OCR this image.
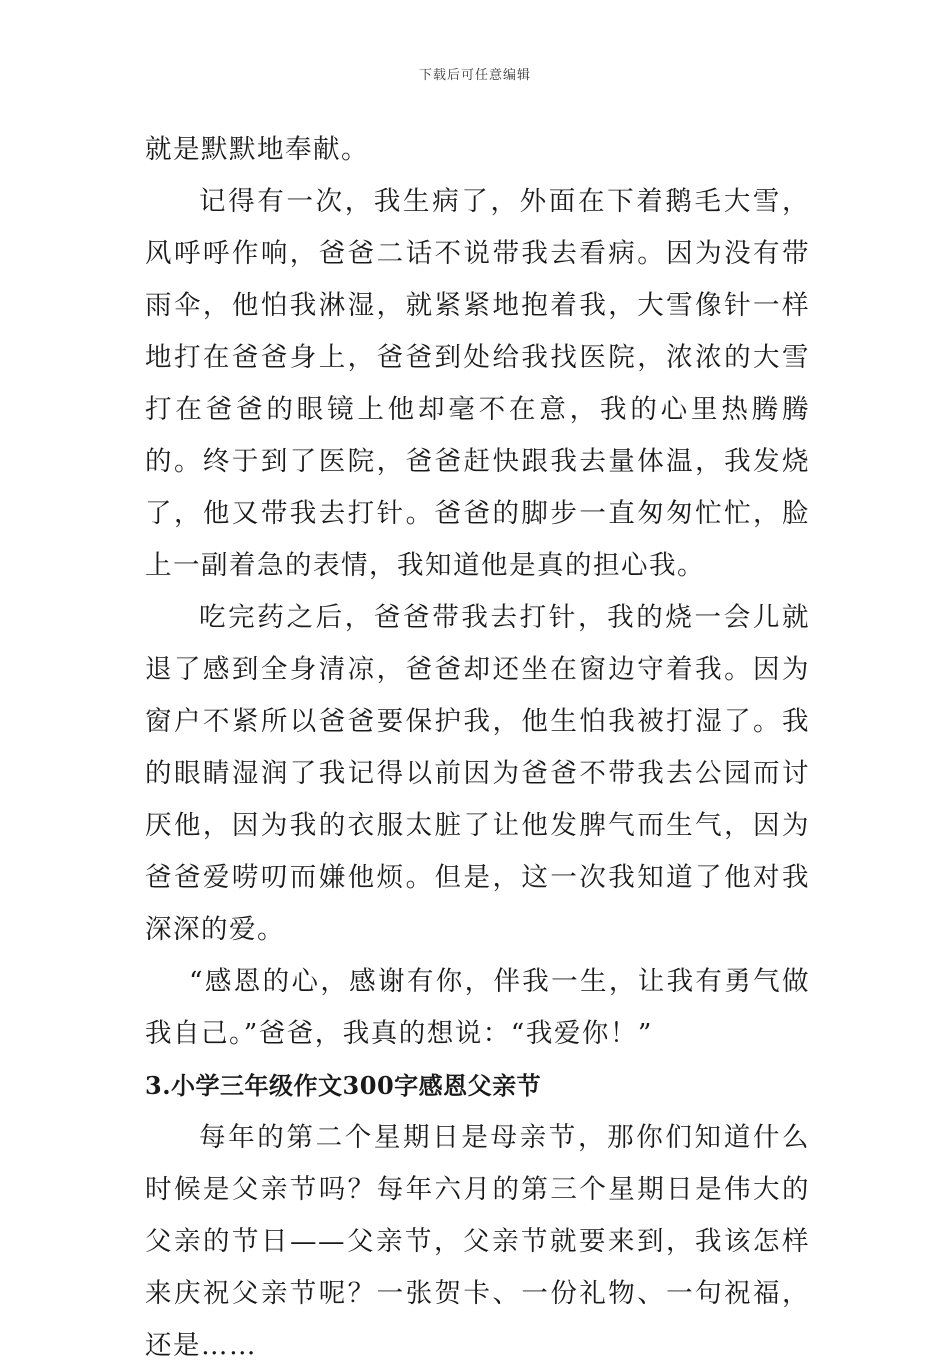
下载后可任意编辑

就是默默地奉献。

记得有一次，我生病了，外面在下着鹅毛大雪，风呼呼作响，爸爸二话不说带我去看病。因为没有带雨伞，他怕我淋湿，就紧紧地抱着我，大雪像针一样地打在爸爸身上，爸爸到处给我找医院，浓浓的大雪打在爸爸的眼镜上他却毫不在意，我的心里热腾腾的。终于到了医院，爸爸赶快跟我去量体温，我发烧了，他又带我去打针。爸爸的脚步一直匆匆忙忙，脸上一副着急的表情，我知道他是真的担心我。

吃完药之后，爸爸带我去打针，我的烧一会儿就退了感到全身清凉，爸爸却还坐在窗边守着我。因为窗户不紧所以爸爸要保护我，他生怕我被打湿了。我的眼睛湿润了我记得以前因为爸爸不带我去公园而讨厌他，因为我的衣服太脏了让他发脾气而生气，因为爸爸爱唠叨而嫌他烦。但是，这一次我知道了他对我深深的爱。

“感恩的心，感谢有你，伴我一生，让我有勇气做我自己。”爸爸，我真的想说：“我爱你！”

3.小学三年级作文300字感恩父亲节

每年的第二个星期日是母亲节，那你们知道什么时候是父亲节吗？每年六月的第三个星期日是伟大的父亲的节日——父亲节，父亲节就要来到，我该怎样来庆祝父亲节呢？一张贺卡、一份礼物、一句祝福，还是……
